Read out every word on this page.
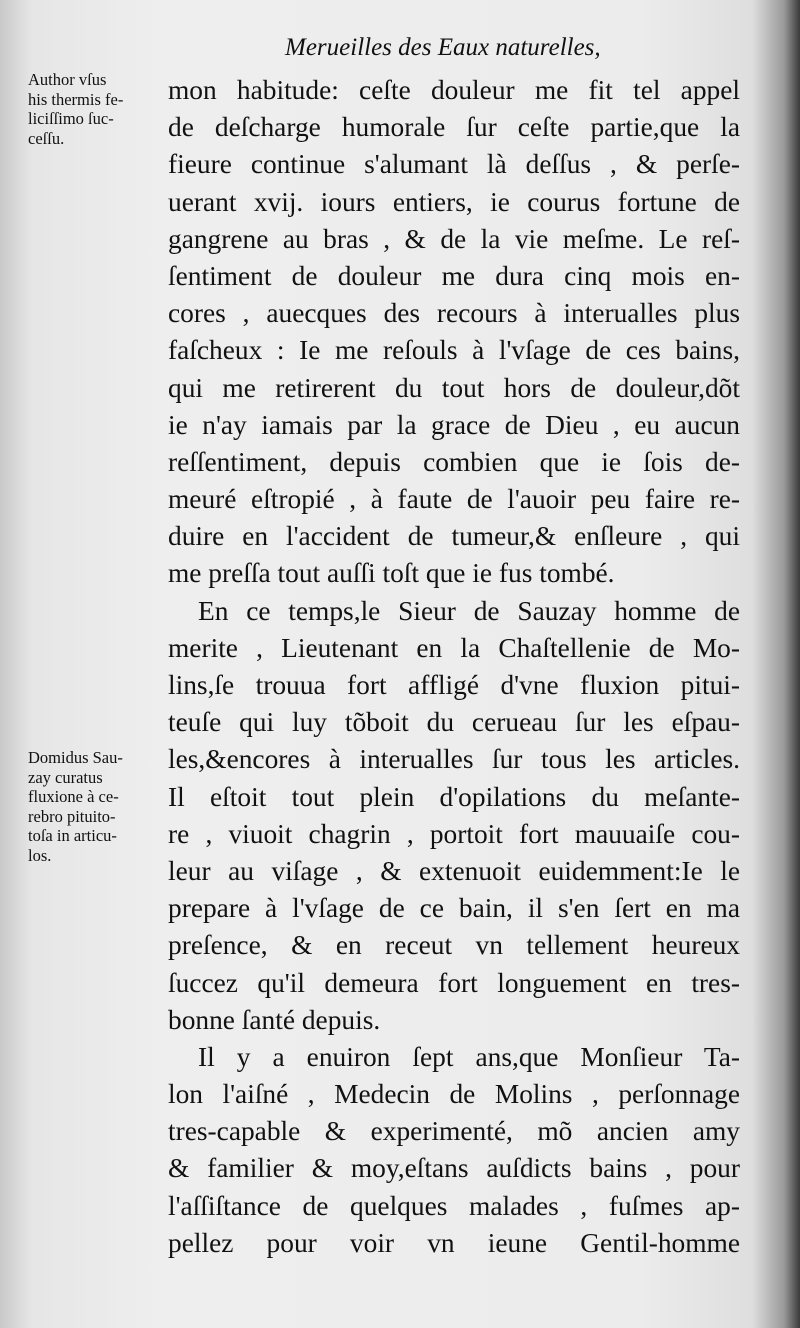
Merueilles des Eaux naturelles,
Author vſus
his thermis fe-
liciſſimo ſuc-
ceſſu.
Domidus Sau-
zay curatus
fluxione à ce-
rebro pituito-
toſa in articu-
los.
mon habitude: ceſte douleur me fit tel appel
de deſcharge humorale ſur ceſte partie,que la
fieure continue s'alumant là deſſus , & perſe-
uerant xvij. iours entiers, ie courus fortune de
gangrene au bras , & de la vie meſme. Le reſ-
ſentiment de douleur me dura cinq mois en-
cores , auecques des recours à interualles plus
faſcheux : Ie me reſouls à l'vſage de ces bains,
qui me retirerent du tout hors de douleur,dõt
ie n'ay iamais par la grace de Dieu , eu aucun
reſſentiment, depuis combien que ie ſois de-
meuré eſtropié , à faute de l'auoir peu faire re-
duire en l'accident de tumeur,& enſleure , qui
me preſſa tout auſſi toſt que ie fus tombé.
En ce temps,le Sieur de Sauzay homme de
merite , Lieutenant en la Chaſtellenie de Mo-
lins,ſe trouua fort affligé d'vne fluxion pitui-
teuſe qui luy tõboit du cerueau ſur les eſpau-
les,&encores à interualles ſur tous les articles.
Il eſtoit tout plein d'opilations du meſante-
re , viuoit chagrin , portoit fort mauuaiſe cou-
leur au viſage , & extenuoit euidemment:Ie le
prepare à l'vſage de ce bain, il s'en ſert en ma
preſence, & en receut vn tellement heureux
ſuccez qu'il demeura fort longuement en tres-
bonne ſanté depuis.
Il y a enuiron ſept ans,que Monſieur Ta-
lon l'aiſné , Medecin de Molins , perſonnage
tres-capable & experimenté, mõ ancien amy
& familier & moy,eſtans auſdicts bains , pour
l'aſſiſtance de quelques malades , fuſmes ap-
pellez pour voir vn ieune Gentil-homme
